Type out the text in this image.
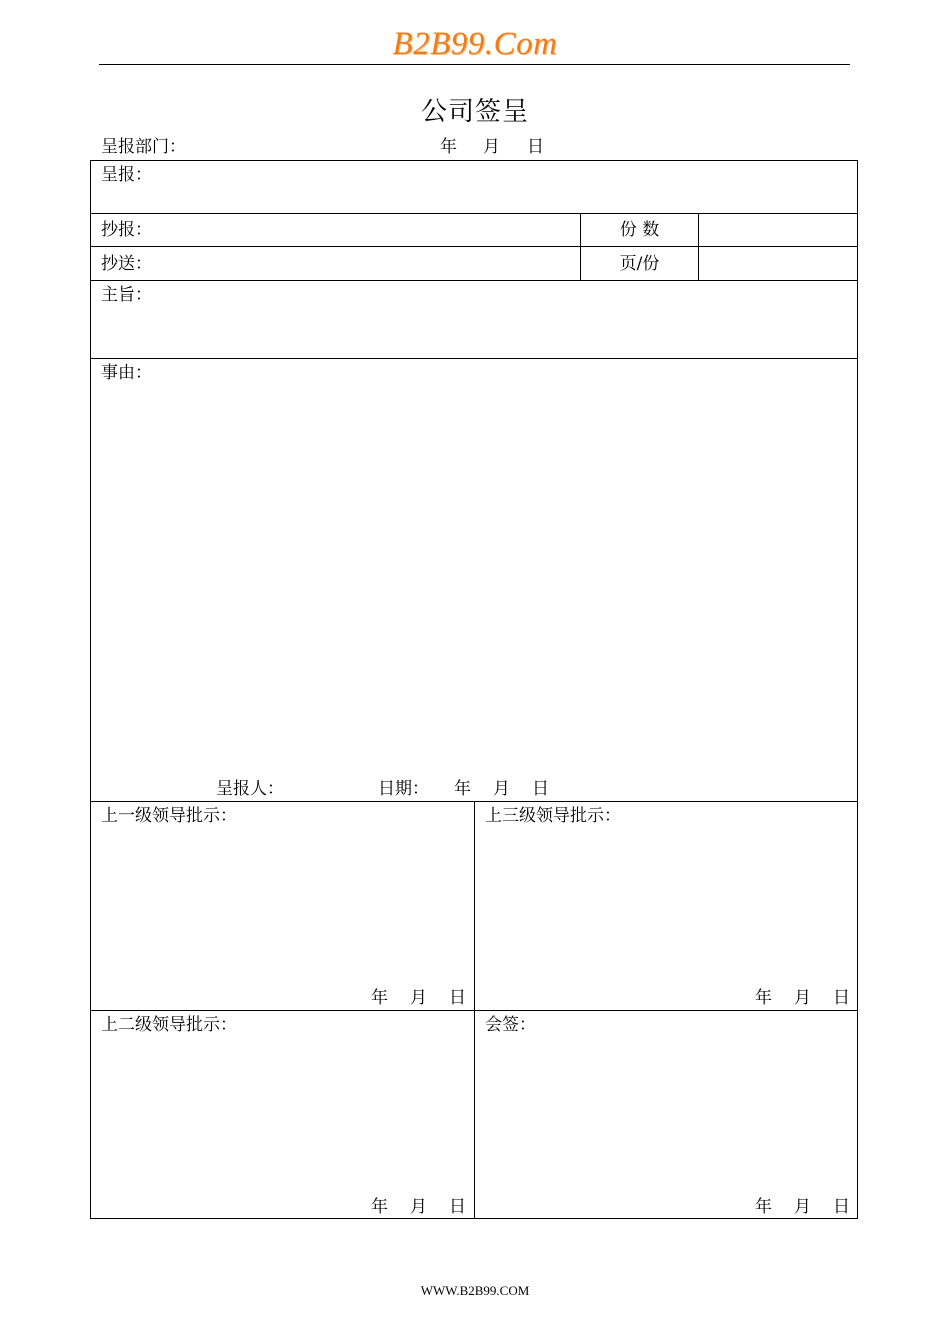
B2B99.Com
公司签呈
呈报部门：	年 月 日
呈报：
抄报：	份 数
抄送：	页/份
主旨：
事由：
呈报人：	日期： 年 月 日
上一级领导批示：
年 月 日
上三级领导批示：
年 月 日
上二级领导批示：
年 月 日
会签：
年 月 日
WWW.B2B99.COM
